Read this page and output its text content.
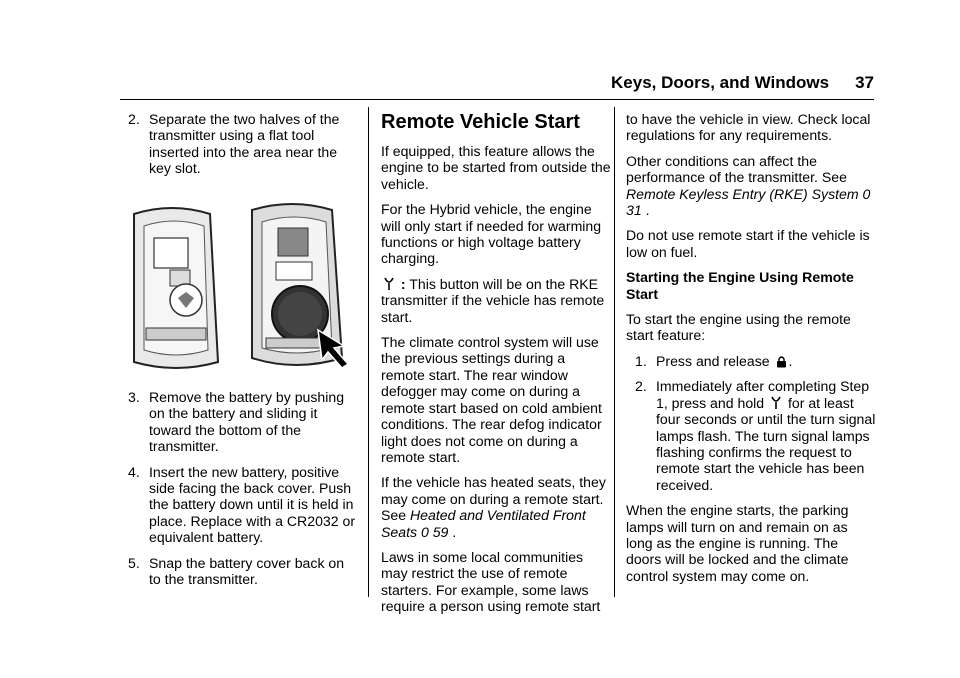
Keys, Doors, and Windows 37
2. Separate the two halves of the transmitter using a flat tool inserted into the area near the key slot.
3. Remove the battery by pushing on the battery and sliding it toward the bottom of the transmitter.
4. Insert the new battery, positive side facing the back cover. Push the battery down until it is held in place. Replace with a CR2032 or equivalent battery.
5. Snap the battery cover back on to the transmitter.
Remote Vehicle Start

If equipped, this feature allows the engine to be started from outside the vehicle.

For the Hybrid vehicle, the engine will only start if needed for warming functions or high voltage battery charging.

: This button will be on the RKE transmitter if the vehicle has remote start.

The climate control system will use the previous settings during a remote start. The rear window defogger may come on during a remote start based on cold ambient conditions. The rear defog indicator light does not come on during a remote start.

If the vehicle has heated seats, they may come on during a remote start. See Heated and Ventilated Front Seats 0 59 .

Laws in some local communities may restrict the use of remote starters. For example, some laws require a person using remote start

to have the vehicle in view. Check local regulations for any requirements.

Other conditions can affect the performance of the transmitter. See Remote Keyless Entry (RKE) System 0 31 .

Do not use remote start if the vehicle is low on fuel.

Starting the Engine Using Remote Start

To start the engine using the remote start feature:

1. Press and release .
2. Immediately after completing Step 1, press and hold  for at least four seconds or until the turn signal lamps flash. The turn signal lamps flashing confirms the request to remote start the vehicle has been received.

When the engine starts, the parking lamps will turn on and remain on as long as the engine is running. The doors will be locked and the climate control system may come on.
